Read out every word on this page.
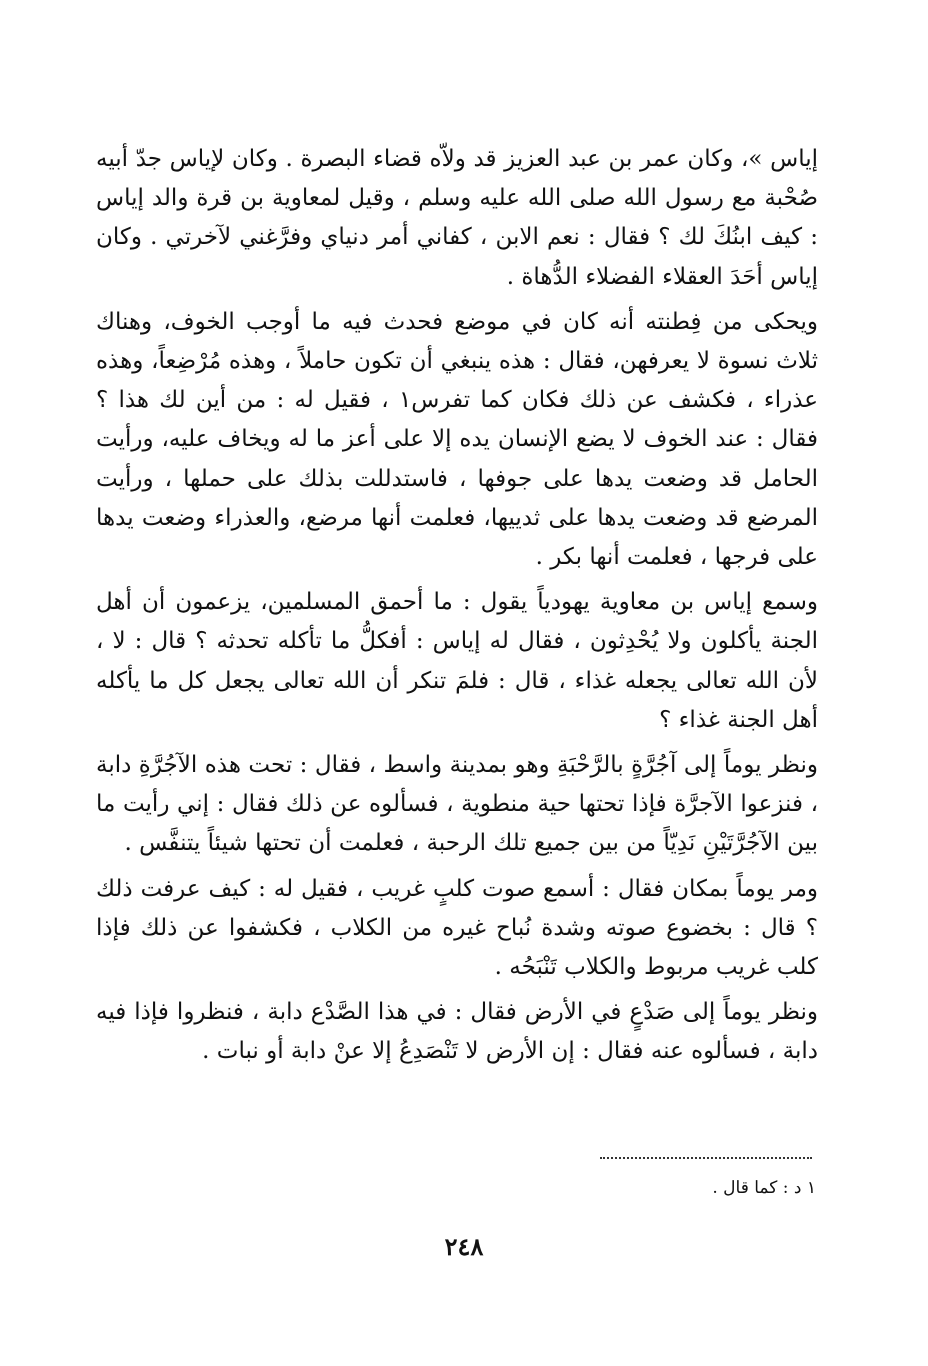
إياس »، وكان عمر بن عبد العزيز قد ولاّه قضاء البصرة . وكان لإياس جدّ أبيه صُحْبة مع رسول الله صلى الله عليه وسلم ، وقيل لمعاوية بن قرة والد إياس : كيف ابنُكَ لك ؟ فقال : نعم الابن ، كفاني أمر دنياي وفرَّغني لآخرتي . وكان إياس أحَدَ العقلاء الفضلاء الدُّهاة .

ويحكى من فِطنته أنه كان في موضع فحدث فيه ما أوجب الخوف، وهناك ثلاث نسوة لا يعرفهن، فقال : هذه ينبغي أن تكون حاملاً ، وهذه مُرْضِعاً، وهذه عذراء ، فكشف عن ذلك فكان كما تفرس١ ، فقيل له : من أين لك هذا ؟ فقال : عند الخوف لا يضع الإنسان يده إلا على أعز ما له ويخاف عليه، ورأيت الحامل قد وضعت يدها على جوفها ، فاستدللت بذلك على حملها ، ورأيت المرضع قد وضعت يدها على ثدييها، فعلمت أنها مرضع، والعذراء وضعت يدها على فرجها ، فعلمت أنها بكر .

وسمع إياس بن معاوية يهودياً يقول : ما أحمق المسلمين، يزعمون أن أهل الجنة يأكلون ولا يُحْدِثون ، فقال له إياس : أفكلُّ ما تأكله تحدثه ؟ قال : لا ، لأن الله تعالى يجعله غذاء ، قال : فلمَ تنكر أن الله تعالى يجعل كل ما يأكله أهل الجنة غذاء ؟

ونظر يوماً إلى آجُرَّةٍ بالرَّحْبَةِ وهو بمدينة واسط ، فقال : تحت هذه الآجُرَّةِ دابة ، فنزعوا الآجرَّة فإذا تحتها حية منطوية ، فسألوه عن ذلك فقال : إني رأيت ما بين الآجُرَّتَيْنِ نَدِيّاً من بين جميع تلك الرحبة ، فعلمت أن تحتها شيئاً يتنفَّس .

ومر يوماً بمكان فقال : أسمع صوت كلبٍ غريب ، فقيل له : كيف عرفت ذلك ؟ قال : بخضوع صوته وشدة نُباح غيره من الكلاب ، فكشفوا عن ذلك فإذا كلب غريب مربوط والكلاب تَنْبَحُه .

ونظر يوماً إلى صَدْعٍ في الأرض فقال : في هذا الصَّدْع دابة ، فنظروا فإذا فيه دابة ، فسألوه عنه فقال : إن الأرض لا تَنْصَدِعُ إلا عنْ دابة أو نبات .

١ د : كما قال .
٢٤٨
